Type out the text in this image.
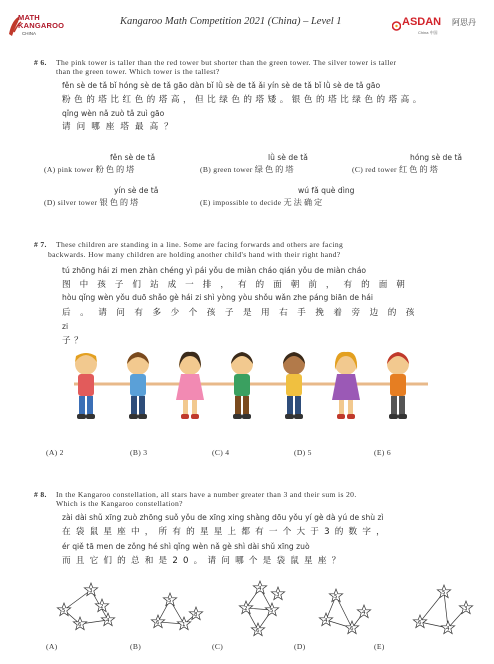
MATH
KANGAROO
CHINA
Kangaroo Math Competition 2021 (China) – Level 1	ASDAN 阿思丹
China 中国
# 6. The pink tower is taller than the red tower but shorter than the green tower. The silver tower is taller
than the green tower. Which tower is the tallest?
fěn sè de tǎ bǐ hóng sè de tǎ gāo dàn bǐ lǜ sè de tǎ ǎi yín sè de tǎ bǐ lǜ sè de tǎ gāo
粉色的塔比红色的塔高，但比绿色的塔矮。银色的塔比绿色的塔高。
qǐng wèn nǎ zuò tǎ zuì gāo
请问哪座塔最高？
fěn sè de tǎ
(A) pink tower 粉色的塔
lǜ sè de tǎ
(B) green tower 绿色的塔
hóng sè de tǎ
(C) red tower 红色的塔
yín sè de tǎ
(D) silver tower 银色的塔
wú fǎ què dìng
(E) impossible to decide 无法确定
# 7. These children are standing in a line. Some are facing forwards and others are facing
backwards. How many children are holding another child's hand with their right hand?
tú zhōng hái zi men zhàn chéng yì pái yǒu de miàn cháo qián yǒu de miàn cháo
图中孩子们站成一排，有的面朝前，有的面朝
hòu qǐng wèn yǒu duō shǎo gè hái zi shì yòng yòu shǒu wǎn zhe páng biān de hái
后。请问有多少个孩子是用右手挽着旁边的孩
zi
子？
(A) 2	(B) 3	(C) 4	(D) 5	(E) 6
# 8. In the Kangaroo constellation, all stars have a number greater than 3 and their sum is 20.
Which is the Kangaroo constellation?
zài dài shǔ xīng zuò zhōng suǒ yǒu de xīng xing shàng dōu yǒu yí gè dà yú de shù zì
在袋鼠星座中，所有的星星上都有一个大于3的数字，
ér qiě tā men de zǒng hé shì qǐng wèn nǎ gè shì dài shǔ xīng zuò
而且它们的总和是20。请问哪个是袋鼠星座？
3
5
6
4
2
5
6	1
8
4
2	5
6
3	5
4
6
4
5
6
4
3
(A)	(B)	(C)	(D)	(E)
